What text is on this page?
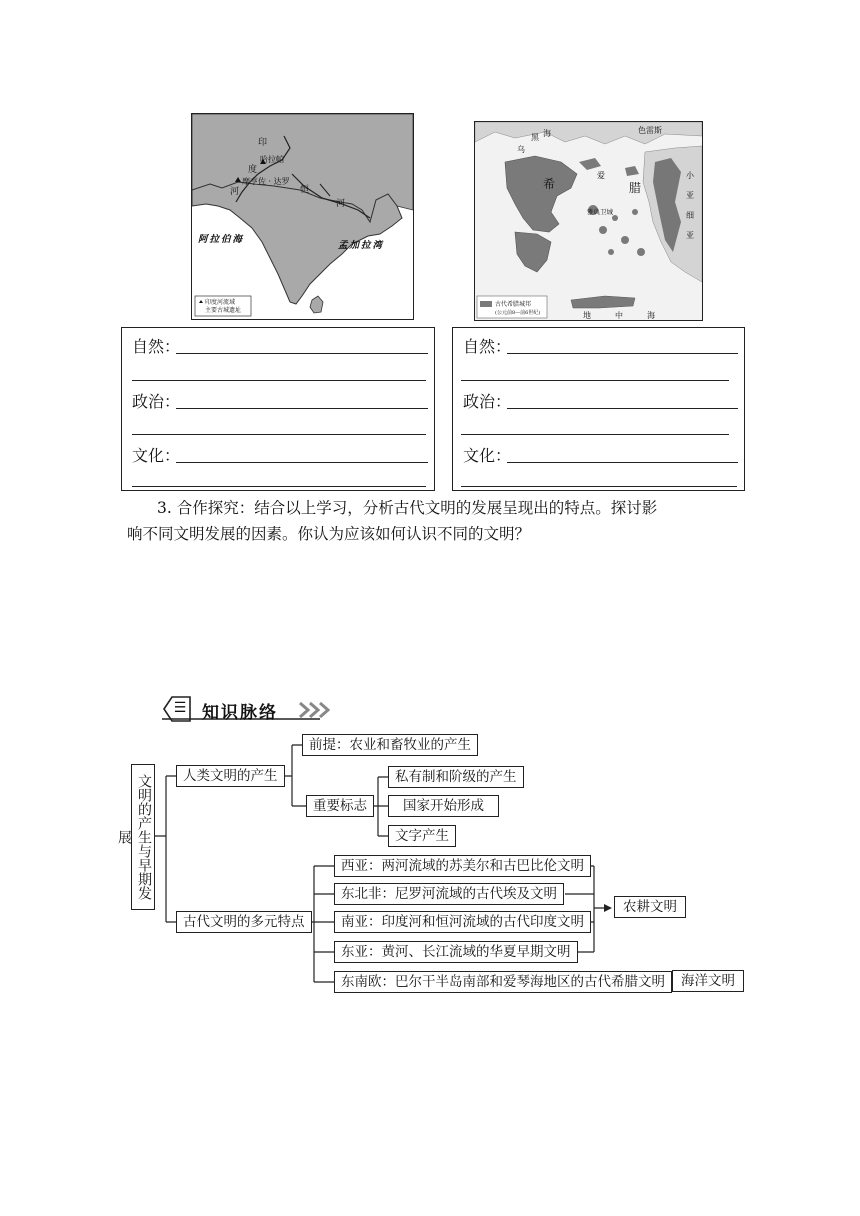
印
度
河
哈拉帕
摩亨佐 · 达罗
恒
河
阿拉伯海
孟加拉湾
印度河流域
主要古城遗址
乌
黑 海	色雷斯
希	腊
小
亚
细
亚
雅典卫城
爱
地	中	海
古代希腊城邦
(公元前8—前6世纪)
自然：
政治：
文化：
自然：
政治：
文化：
3. 合作探究：结合以上学习，分析古代文明的发展呈现出的特点。探讨影
响不同文明发展的因素。你认为应该如何认识不同的文明？
☰ 知识脉络
文明的产生与早期发展
人类文明的产生
前提：农业和畜牧业的产生
重要标志
私有制和阶级的产生
国家开始形成
文字产生
古代文明的多元特点
西亚：两河流域的苏美尔和古巴比伦文明
东北非：尼罗河流域的古代埃及文明
南亚：印度河和恒河流域的古代印度文明
东亚：黄河、长江流域的华夏早期文明
东南欧：巴尔干半岛南部和爱琴海地区的古代希腊文明
农耕文明
海洋文明
